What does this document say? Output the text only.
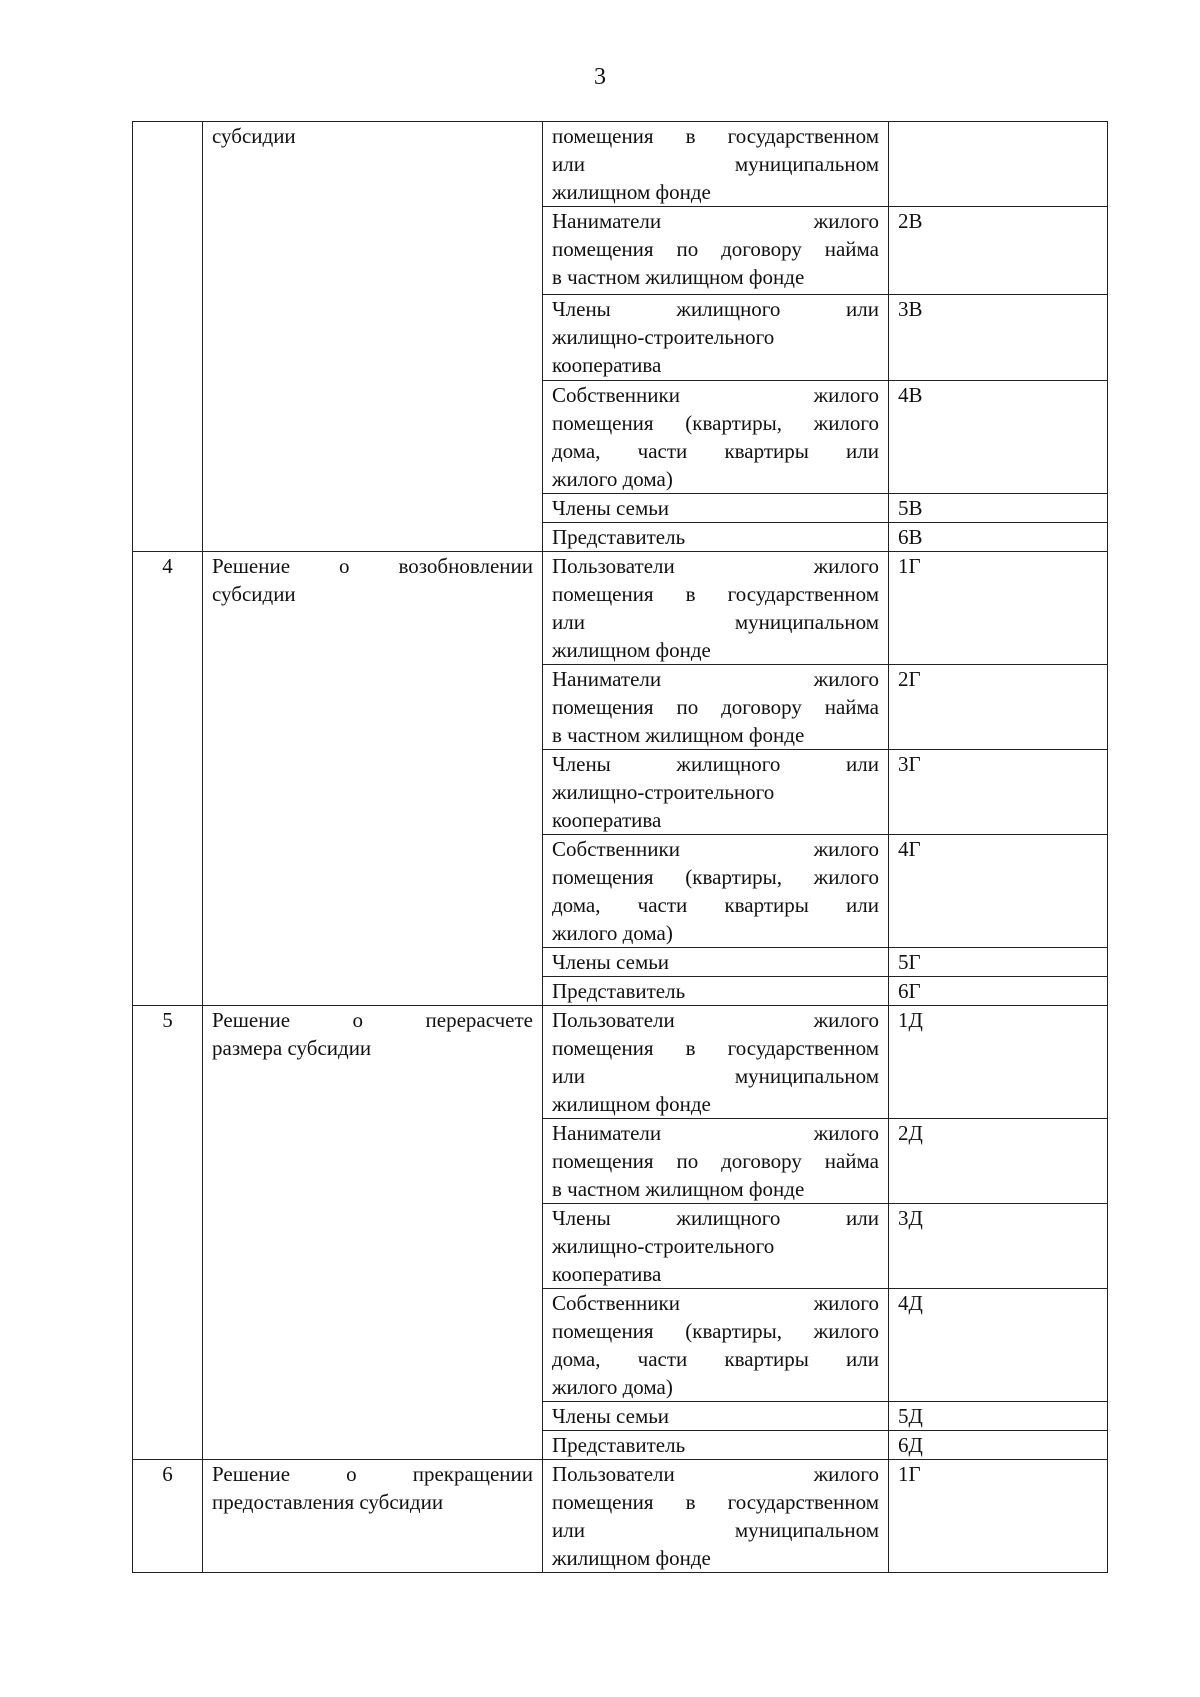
3

	субсидии	помещения в государственном
или муниципальном
жилищном фонде	

		Наниматели жилого
помещения по договору найма
в частном жилищном фонде	2В

		Члены жилищного или
жилищно-строительного
кооператива	3В

		Собственники жилого
помещения (квартиры, жилого
дома, части квартиры или
жилого дома)	4В

		Члены семьи	5В

		Представитель	6В
4	Решение о возобновлении
субсидии	Пользователи жилого
помещения в государственном
или муниципальном
жилищном фонде	1Г

		Наниматели жилого
помещения по договору найма
в частном жилищном фонде	2Г

		Члены жилищного или
жилищно-строительного
кооператива	3Г

		Собственники жилого
помещения (квартиры, жилого
дома, части квартиры или
жилого дома)	4Г

		Члены семьи	5Г

		Представитель	6Г
5	Решение о перерасчете
размера субсидии	Пользователи жилого
помещения в государственном
или муниципальном
жилищном фонде	1Д

		Наниматели жилого
помещения по договору найма
в частном жилищном фонде	2Д

		Члены жилищного или
жилищно-строительного
кооператива	3Д

		Собственники жилого
помещения (квартиры, жилого
дома, части квартиры или
жилого дома)	4Д

		Члены семьи	5Д

		Представитель	6Д
6	Решение о прекращении
предоставления субсидии	Пользователи жилого
помещения в государственном
или муниципальном
жилищном фонде	1Г
